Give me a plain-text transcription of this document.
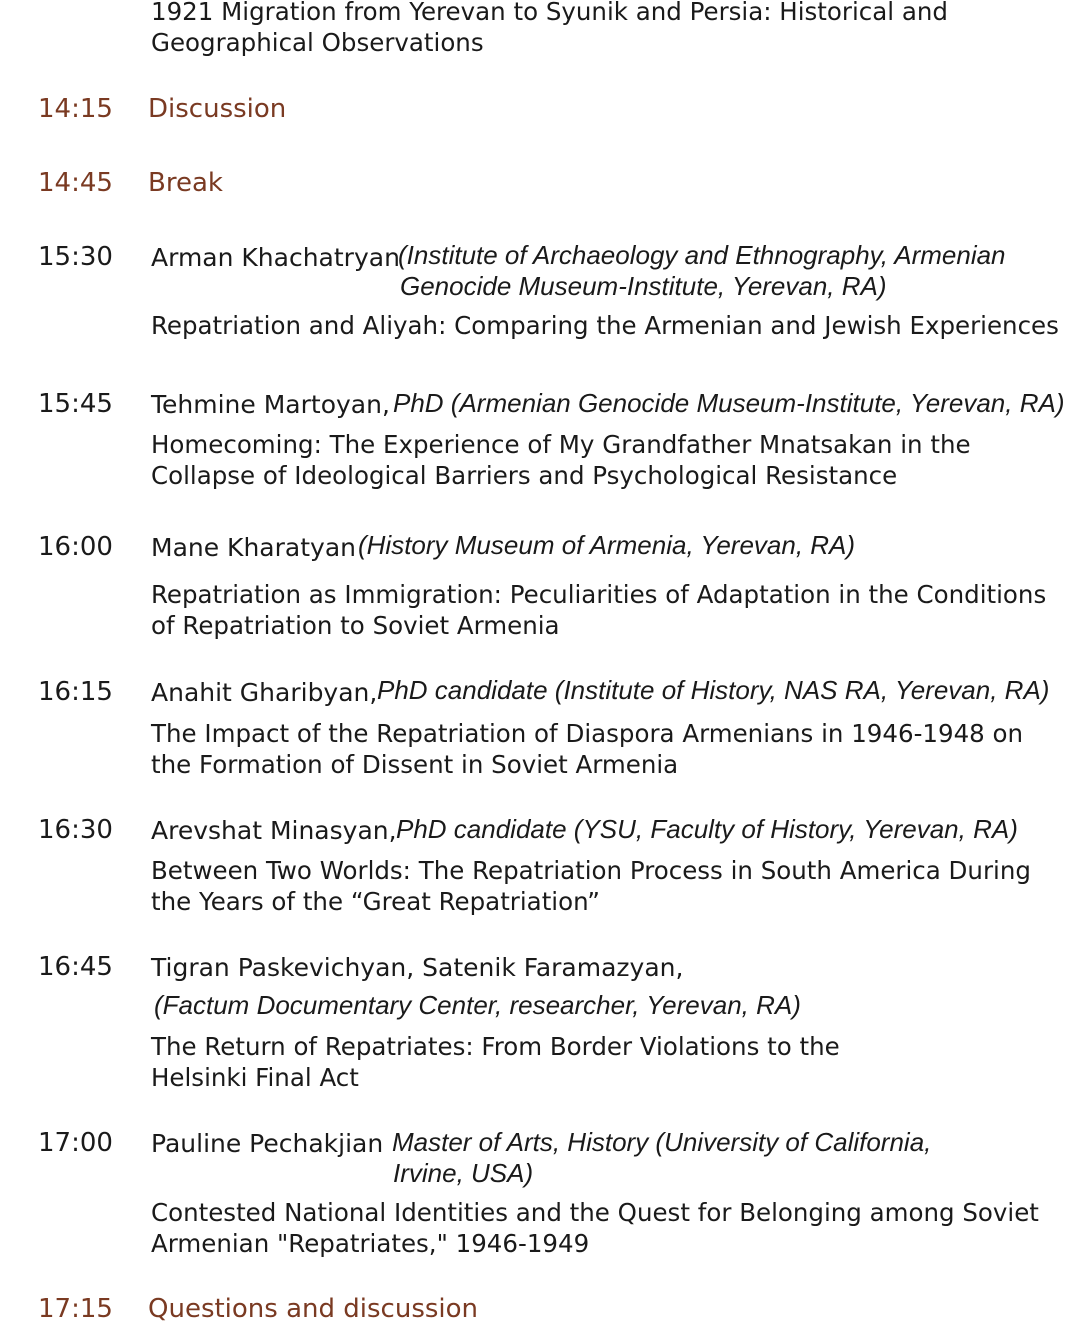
1921 Migration from Yerevan to Syunik and Persia: Historical and
Geographical Observations
14:15 Discussion
14:45 Break
15:30 Arman Khachatryan
(Institute of Archaeology and Ethnography, Armenian
Genocide Museum-Institute, Yerevan, RA)
Repatriation and Aliyah: Comparing the Armenian and Jewish Experiences
15:45 Tehmine Martoyan, PhD (Armenian Genocide Museum-Institute, Yerevan, RA)
Homecoming: The Experience of My Grandfather Mnatsakan in the
Collapse of Ideological Barriers and Psychological Resistance
16:00 Mane Kharatyan (History Museum of Armenia, Yerevan, RA)
Repatriation as Immigration: Peculiarities of Adaptation in the Conditions
of Repatriation to Soviet Armenia
16:15 Anahit Gharibyan, PhD candidate (Institute of History, NAS RA, Yerevan, RA)
The Impact of the Repatriation of Diaspora Armenians in 1946-1948 on
the Formation of Dissent in Soviet Armenia
16:30 Arevshat Minasyan, PhD candidate (YSU, Faculty of History, Yerevan, RA)
Between Two Worlds: The Repatriation Process in South America During
the Years of the “Great Repatriation”
16:45 Tigran Paskevichyan, Satenik Faramazyan,
(Factum Documentary Center, researcher, Yerevan, RA)
The Return of Repatriates: From Border Violations to the
Helsinki Final Act
17:00 Pauline Pechakjian Master of Arts, History (University of California,
Irvine, USA)
Contested National Identities and the Quest for Belonging among Soviet
Armenian "Repatriates," 1946-1949
17:15 Questions and discussion
